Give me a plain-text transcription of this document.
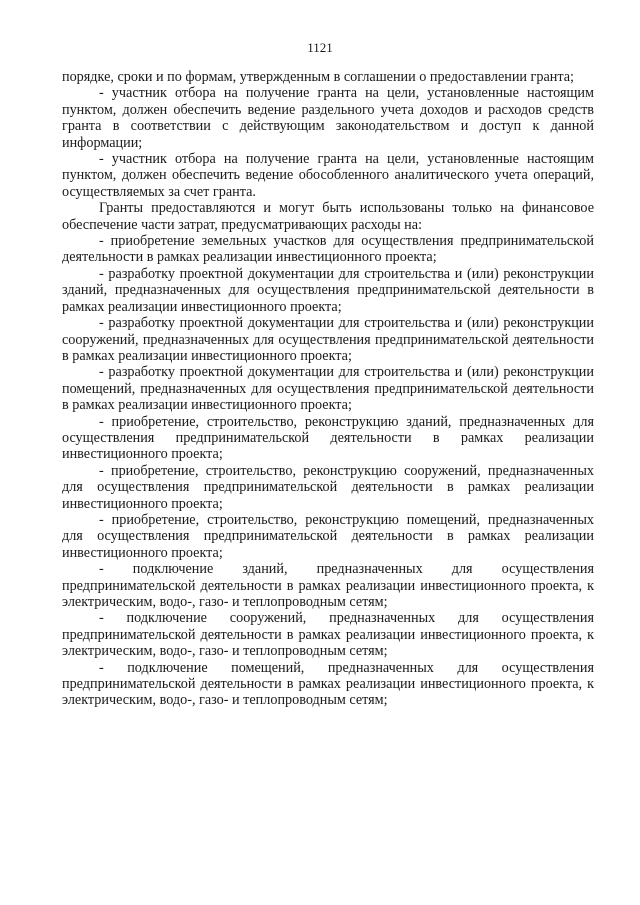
1121

порядке, сроки и по формам, утвержденным в соглашении о предоставлении гранта;

- участник отбора на получение гранта на цели, установленные настоящим пунктом, должен обеспечить ведение раздельного учета доходов и расходов средств гранта в соответствии с действующим законодательством и доступ к данной информации;

- участник отбора на получение гранта на цели, установленные настоящим пунктом, должен обеспечить ведение обособленного аналитического учета операций, осуществляемых за счет гранта.

Гранты предоставляются и могут быть использованы только на финансовое обеспечение части затрат, предусматривающих расходы на:

- приобретение земельных участков для осуществления предпринимательской деятельности в рамках реализации инвестиционного проекта;

- разработку проектной документации для строительства и (или) реконструкции зданий, предназначенных для осуществления предпринимательской деятельности в рамках реализации инвестиционного проекта;

- разработку проектной документации для строительства и (или) реконструкции сооружений, предназначенных для осуществления предпринимательской деятельности в рамках реализации инвестиционного проекта;

- разработку проектной документации для строительства и (или) реконструкции помещений, предназначенных для осуществления предпринимательской деятельности в рамках реализации инвестиционного проекта;

- приобретение, строительство, реконструкцию зданий, предназначенных для осуществления предпринимательской деятельности в рамках реализации инвестиционного проекта;

- приобретение, строительство, реконструкцию сооружений, предназначенных для осуществления предпринимательской деятельности в рамках реализации инвестиционного проекта;

- приобретение, строительство, реконструкцию помещений, предназначенных для осуществления предпринимательской деятельности в рамках реализации инвестиционного проекта;

- подключение зданий, предназначенных для осуществления предпринимательской деятельности в рамках реализации инвестиционного проекта, к электрическим, водо-, газо- и теплопроводным сетям;

- подключение сооружений, предназначенных для осуществления предпринимательской деятельности в рамках реализации инвестиционного проекта, к электрическим, водо-, газо- и теплопроводным сетям;

- подключение помещений, предназначенных для осуществления предпринимательской деятельности в рамках реализации инвестиционного проекта, к электрическим, водо-, газо- и теплопроводным сетям;
